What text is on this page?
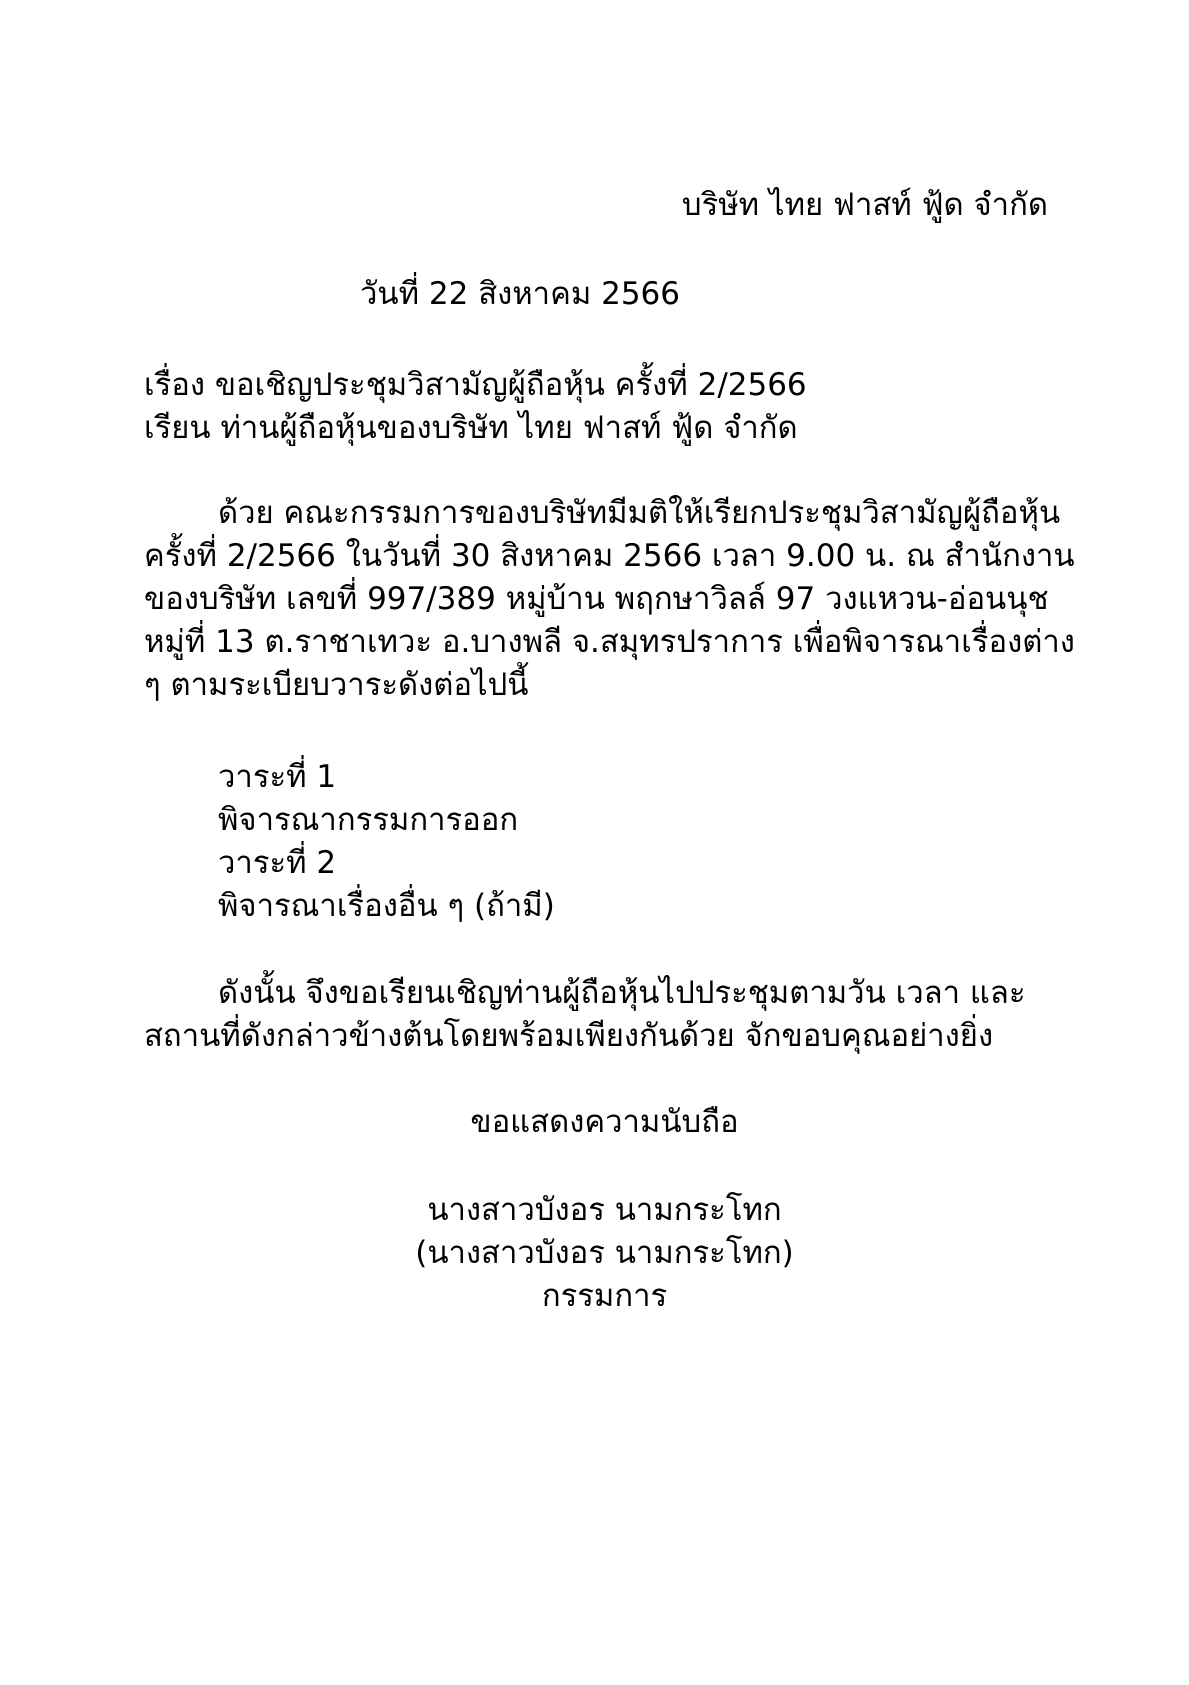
บริษัท ไทย ฟาสท์ ฟู้ด จำกัด
วันที่ 22 สิงหาคม 2566
เรื่อง ขอเชิญประชุมวิสามัญผู้ถือหุ้น ครั้งที่ 2/2566
เรียน ท่านผู้ถือหุ้นของบริษัท ไทย ฟาสท์ ฟู้ด จำกัด
ด้วย คณะกรรมการของบริษัทมีมติให้เรียกประชุมวิสามัญผู้ถือหุ้น
ครั้งที่ 2/2566 ในวันที่ 30 สิงหาคม 2566 เวลา 9.00 น. ณ สำนักงาน
ของบริษัท เลขที่ 997/389 หมู่บ้าน พฤกษาวิลล์ 97 วงแหวน-อ่อนนุช
หมู่ที่ 13 ต.ราชาเทวะ อ.บางพลี จ.สมุทรปราการ เพื่อพิจารณาเรื่องต่าง
ๆ ตามระเบียบวาระดังต่อไปนี้
วาระที่ 1
พิจารณากรรมการออก
วาระที่ 2
พิจารณาเรื่องอื่น ๆ (ถ้ามี)
ดังนั้น จึงขอเรียนเชิญท่านผู้ถือหุ้นไปประชุมตามวัน เวลา และ
สถานที่ดังกล่าวข้างต้นโดยพร้อมเพียงกันด้วย จักขอบคุณอย่างยิ่ง
ขอแสดงความนับถือ
นางสาวบังอร นามกระโทก
(นางสาวบังอร นามกระโทก)
กรรมการ
